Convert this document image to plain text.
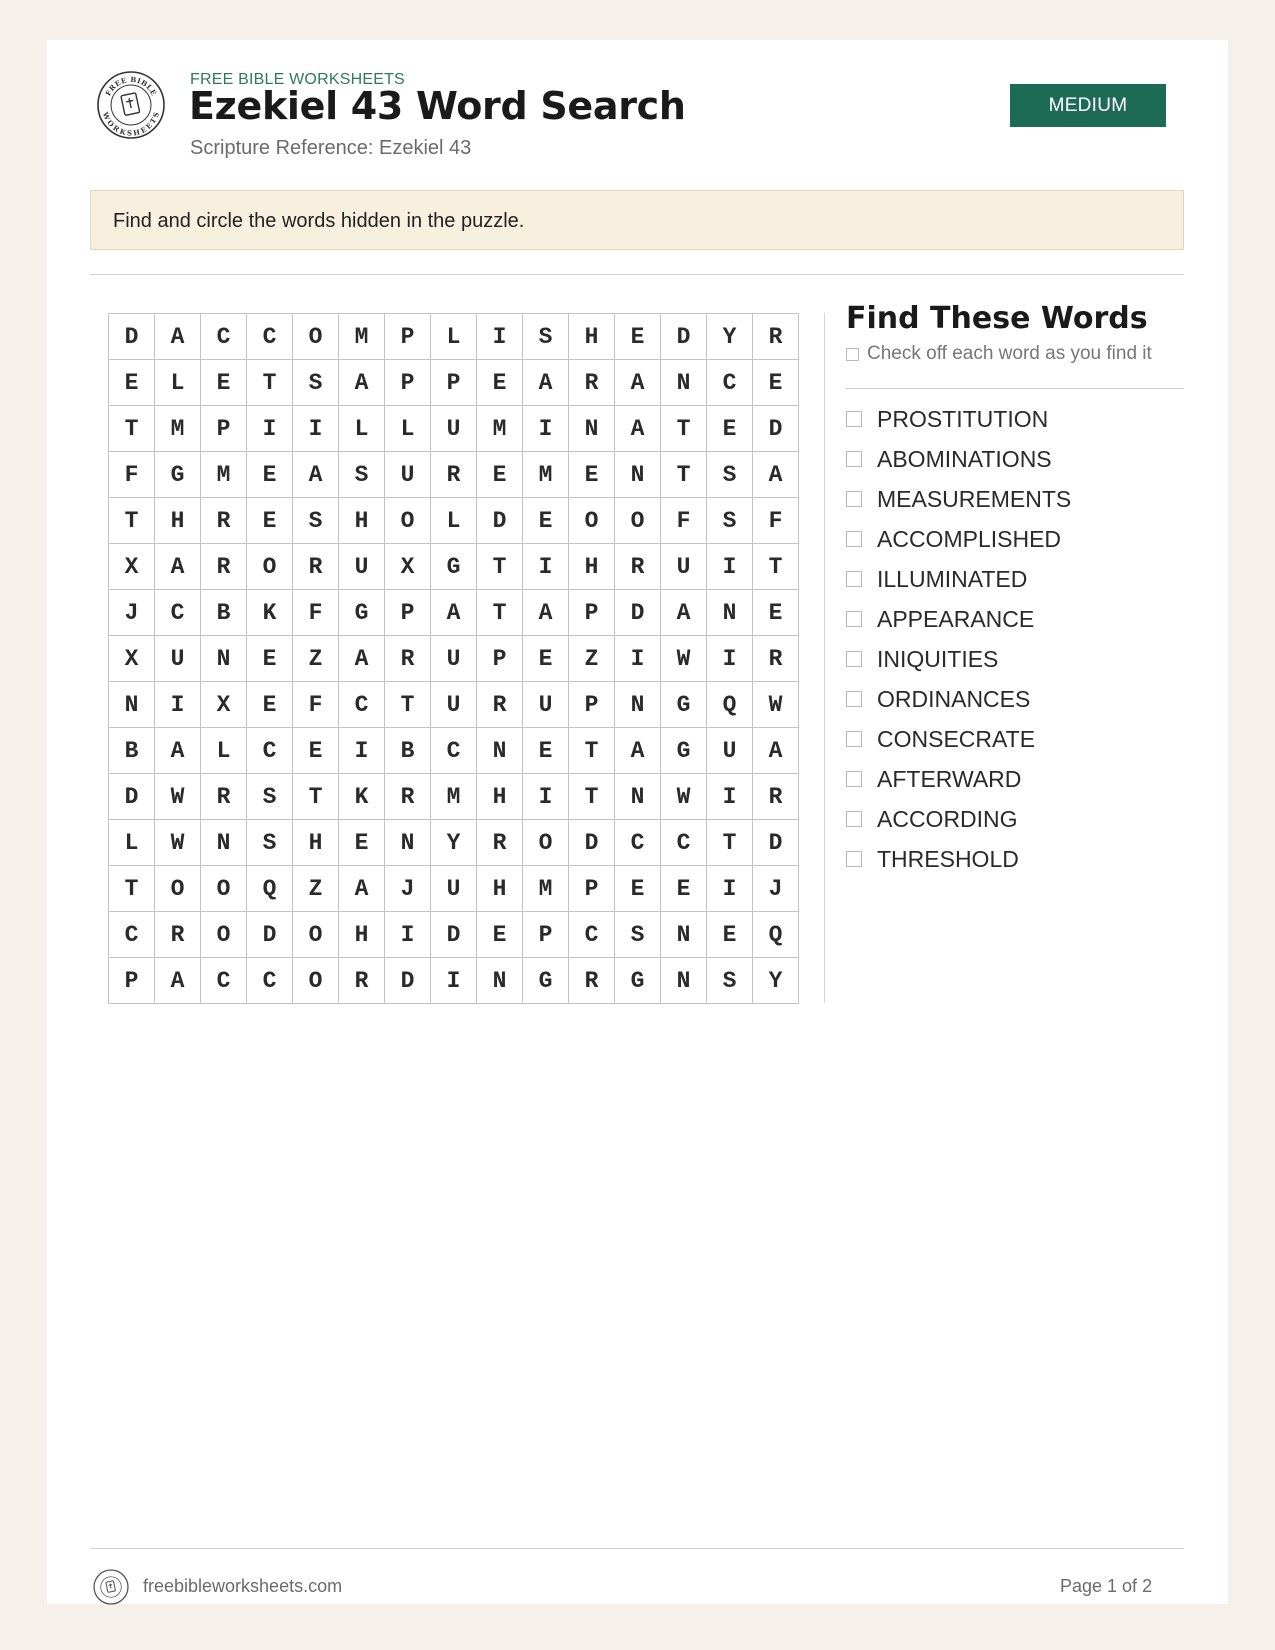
FREE BIBLE
WORKSHEETS
FREE BIBLE WORKSHEETS
Ezekiel 43 Word Search
Scripture Reference: Ezekiel 43
MEDIUM
Find and circle the words hidden in the puzzle.
D	A	C	C	O	M	P	L	I	S	H	E	D	Y	R
E	L	E	T	S	A	P	P	E	A	R	A	N	C	E
T	M	P	I	I	L	L	U	M	I	N	A	T	E	D
F	G	M	E	A	S	U	R	E	M	E	N	T	S	A
T	H	R	E	S	H	O	L	D	E	O	O	F	S	F
X	A	R	O	R	U	X	G	T	I	H	R	U	I	T
J	C	B	K	F	G	P	A	T	A	P	D	A	N	E
X	U	N	E	Z	A	R	U	P	E	Z	I	W	I	R
N	I	X	E	F	C	T	U	R	U	P	N	G	Q	W
B	A	L	C	E	I	B	C	N	E	T	A	G	U	A
D	W	R	S	T	K	R	M	H	I	T	N	W	I	R
L	W	N	S	H	E	N	Y	R	O	D	C	C	T	D
T	O	O	Q	Z	A	J	U	H	M	P	E	E	I	J
C	R	O	D	O	H	I	D	E	P	C	S	N	E	Q
P	A	C	C	O	R	D	I	N	G	R	G	N	S	Y
Find These Words
Check off each word as you find it
PROSTITUTION
ABOMINATIONS
MEASUREMENTS
ACCOMPLISHED
ILLUMINATED
APPEARANCE
INIQUITIES
ORDINANCES
CONSECRATE
AFTERWARD
ACCORDING
THRESHOLD
freebibleworksheets.com	Page 1 of 2
